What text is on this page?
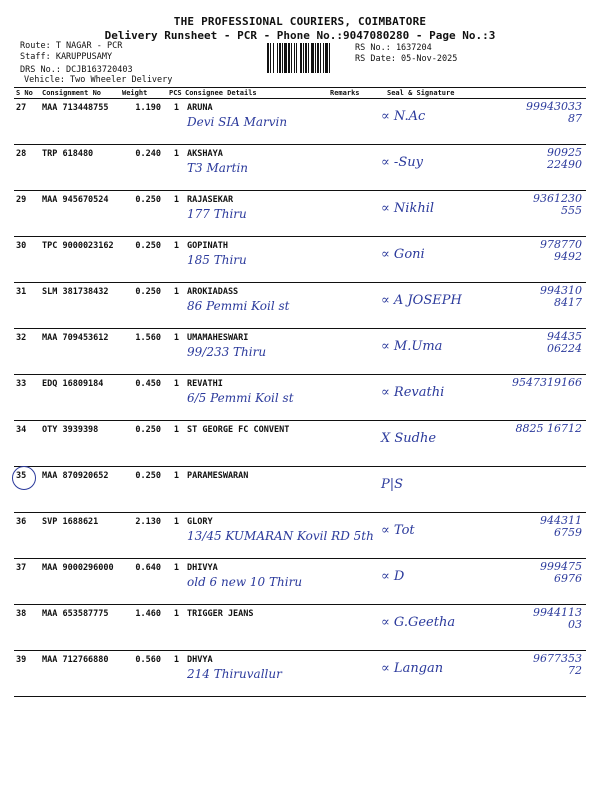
THE PROFESSIONAL COURIERS, COIMBATORE
Delivery Runsheet - PCR - Phone No.:9047080280 - Page No.:3
Route: T NAGAR - PCR
Staff: KARUPPUSAMY
DRS No.: DCJB163720403
Vehicle: Two Wheeler Delivery
RS No.: 1637204
RS Date: 05-Nov-2025
S No	Consignment No	Weight	PCS	Consignee Details	Remarks	Seal & Signature
27	MAA 713448755	1.190	1	ARUNA
Devi SIA Marvin		∝ N.Ac
99943033
87

28	TRP 618480	0.240	1	AKSHAYA
T3 Martin		∝ -Suy
90925
22490

29	MAA 945670524	0.250	1	RAJASEKAR
177 Thiru		∝ Nikhil
9361230
555

30	TPC 9000023162	0.250	1	GOPINATH
185 Thiru		∝ Goni
978770
9492

31	SLM 381738432	0.250	1	AROKIADASS
86 Pemmi Koil st		∝ A JOSEPH
994310
8417

32	MAA 709453612	1.560	1	UMAMAHESWARI
99/233 Thiru		∝ M.Uma
94435
06224

33	EDQ 16809184	0.450	1	REVATHI
6/5 Pemmi Koil st		∝ Revathi
9547319166

34	OTY 3939398	0.250	1	ST GEORGE FC CONVENT		X Sudhe
8825 16712

35	MAA 870920652	0.250	1	PARAMESWARAN		P|S

36	SVP 1688621	2.130	1	GLORY
13/45 KUMARAN Kovil RD 5th		∝ Tot
944311
6759

37	MAA 9000296000	0.640	1	DHIVYA
old 6 new 10 Thiru		∝ D
999475
6976

38	MAA 653587775	1.460	1	TRIGGER JEANS		∝ G.Geetha
9944113
03

39	MAA 712766880	0.560	1	DHVYA
214 Thiruvallur		∝ Langan
9677353
72
